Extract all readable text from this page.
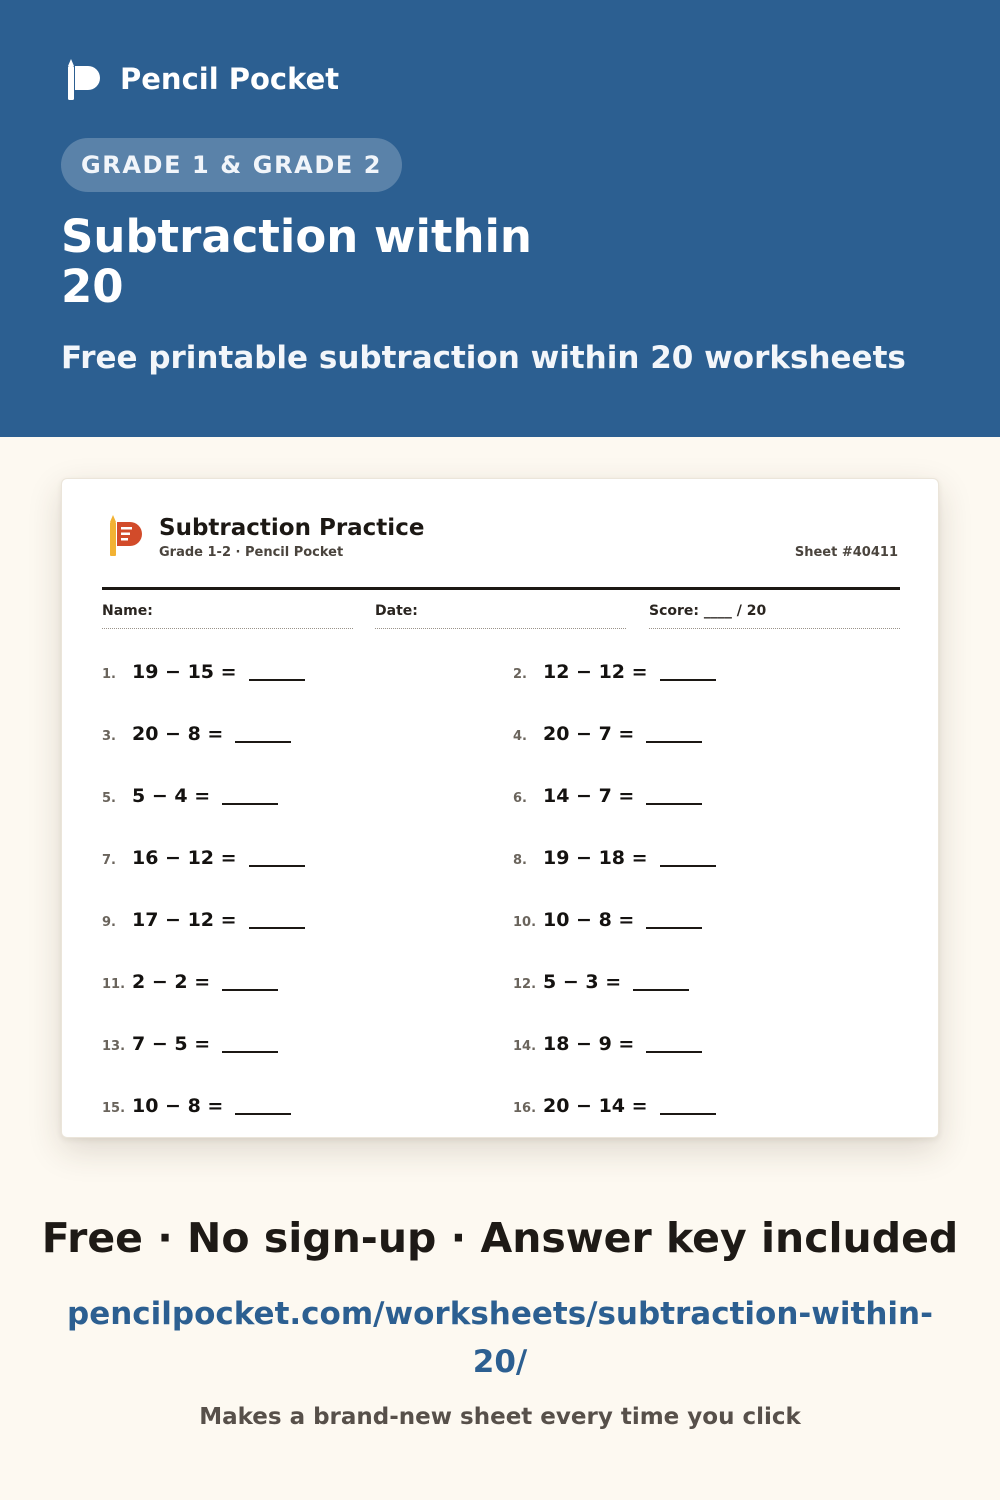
Pencil Pocket
GRADE 1 & GRADE 2
Subtraction within 20
Free printable subtraction within 20 worksheets
Subtraction Practice
Grade 1-2 · Pencil Pocket	Sheet #40411
Name:	Date:	Score: ____ / 20
1. 19 − 15 =	2. 12 − 12 =
3. 20 − 8 =	4. 20 − 7 =
5. 5 − 4 =	6. 14 − 7 =
7. 16 − 12 =	8. 19 − 18 =
9. 17 − 12 =	10. 10 − 8 =
11. 2 − 2 =	12. 5 − 3 =
13. 7 − 5 =	14. 18 − 9 =
15. 10 − 8 =	16. 20 − 14 =
Free · No sign-up · Answer key included
pencilpocket.com/worksheets/subtraction-within-20/
Makes a brand-new sheet every time you click
